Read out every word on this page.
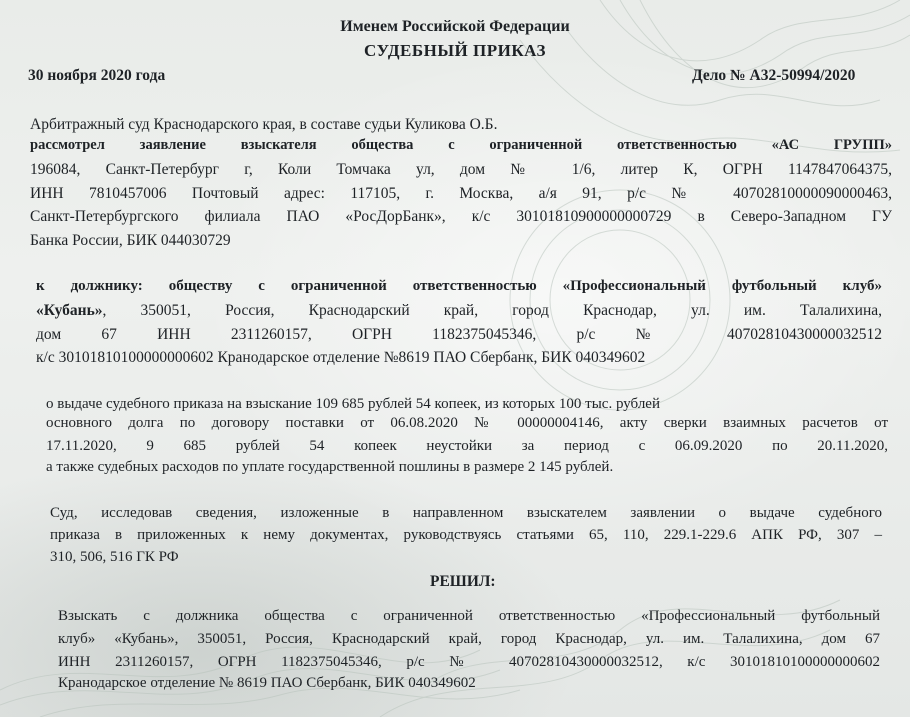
Именем Российской Федерации
СУДЕБНЫЙ ПРИКАЗ
30 ноября 2020 года	Дело № А32-50994/2020
Арбитражный суд Краснодарского края, в составе судьи Куликова О.Б.
рассмотрел заявление взыскателя общества с ограниченной ответственностью «АС ГРУПП»
196084, Санкт-Петербург г, Коли Томчака ул, дом № 1/6, литер К, ОГРН 1147847064375,
ИНН 7810457006 Почтовый адрес: 117105, г. Москва, а/я 91, р/с № 40702810000090000463,
Санкт-Петербургского филиала ПАО «РосДорБанк», к/с 30101810900000000729 в Северо-Западном ГУ
Банка России, БИК 044030729
к должнику: обществу с ограниченной ответственностью «Профессиональный футбольный клуб»
«Кубань», 350051, Россия, Краснодарский край, город Краснодар, ул. им. Талалихина,
дом 67 ИНН 2311260157, ОГРН 1182375045346, р/с № 40702810430000032512
к/с 30101810100000000602 Кранодарское отделение №8619 ПАО Сбербанк, БИК 040349602
о выдаче судебного приказа на взыскание 109 685 рублей 54 копеек, из которых 100 тыс. рублей
основного долга по договору поставки от 06.08.2020 № 00000004146, акту сверки взаимных расчетов от
17.11.2020, 9 685 рублей 54 копеек неустойки за период с 06.09.2020 по 20.11.2020,
а также судебных расходов по уплате государственной пошлины в размере 2 145 рублей.
Суд, исследовав сведения, изложенные в направленном взыскателем заявлении о выдаче судебного
приказа в приложенных к нему документах, руководствуясь статьями 65, 110, 229.1-229.6 АПК РФ, 307 –
310, 506, 516 ГК РФ
РЕШИЛ:
Взыскать с должника общества с ограниченной ответственностью «Профессиональный футбольный
клуб» «Кубань», 350051, Россия, Краснодарский край, город Краснодар, ул. им. Талалихина, дом 67
ИНН 2311260157, ОГРН 1182375045346, р/с № 40702810430000032512, к/с 30101810100000000602
Кранодарское отделение № 8619 ПАО Сбербанк, БИК 040349602
